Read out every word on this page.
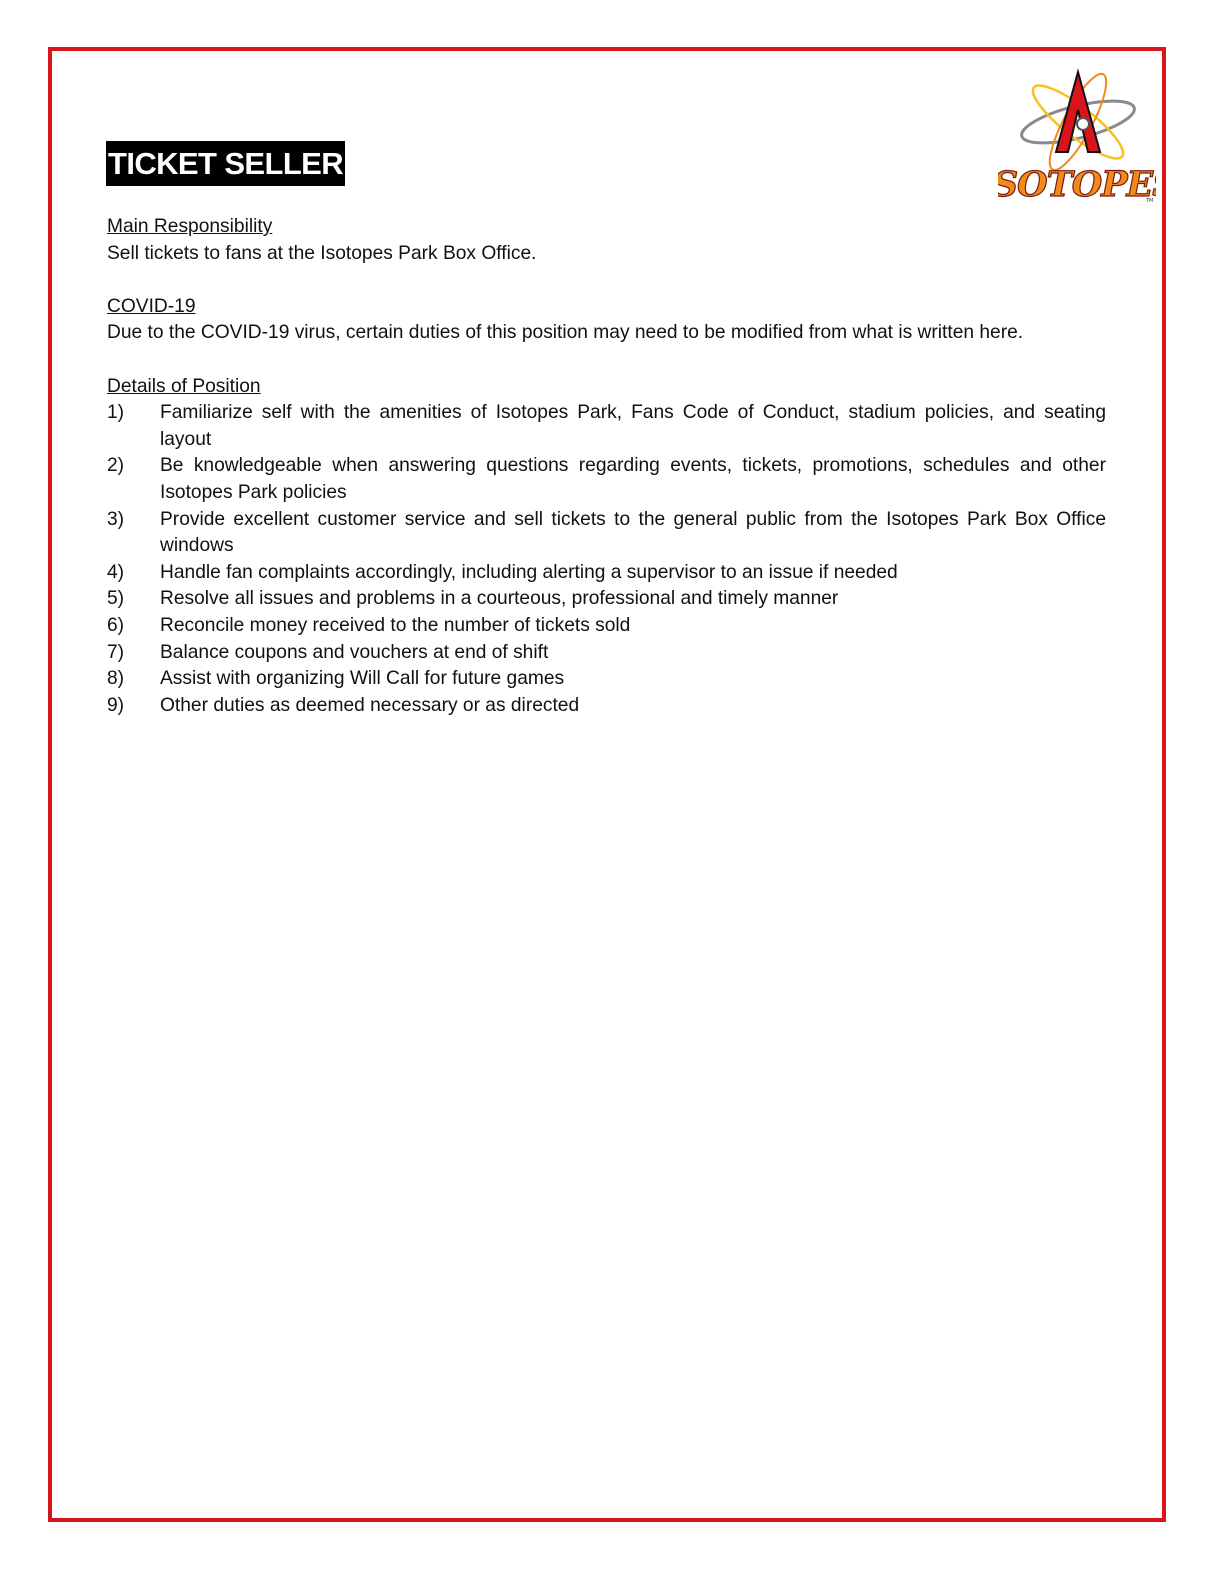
OTOPE
TM
TICKET SELLER
Main Responsibility
Sell tickets to fans at the Isotopes Park Box Office.
COVID-19
Due to the COVID-19 virus, certain duties of this position may need to be modified from what is written here.
Details of Position
1)	Familiarize self with the amenities of Isotopes Park, Fans Code of Conduct, stadium policies, and seating layout
2)	Be knowledgeable when answering questions regarding events, tickets, promotions, schedules and other Isotopes Park policies
3)	Provide excellent customer service and sell tickets to the general public from the Isotopes Park Box Office windows
4)	Handle fan complaints accordingly, including alerting a supervisor to an issue if needed
5)	Resolve all issues and problems in a courteous, professional and timely manner
6)	Reconcile money received to the number of tickets sold
7)	Balance coupons and vouchers at end of shift
8)	Assist with organizing Will Call for future games
9)	Other duties as deemed necessary or as directed
